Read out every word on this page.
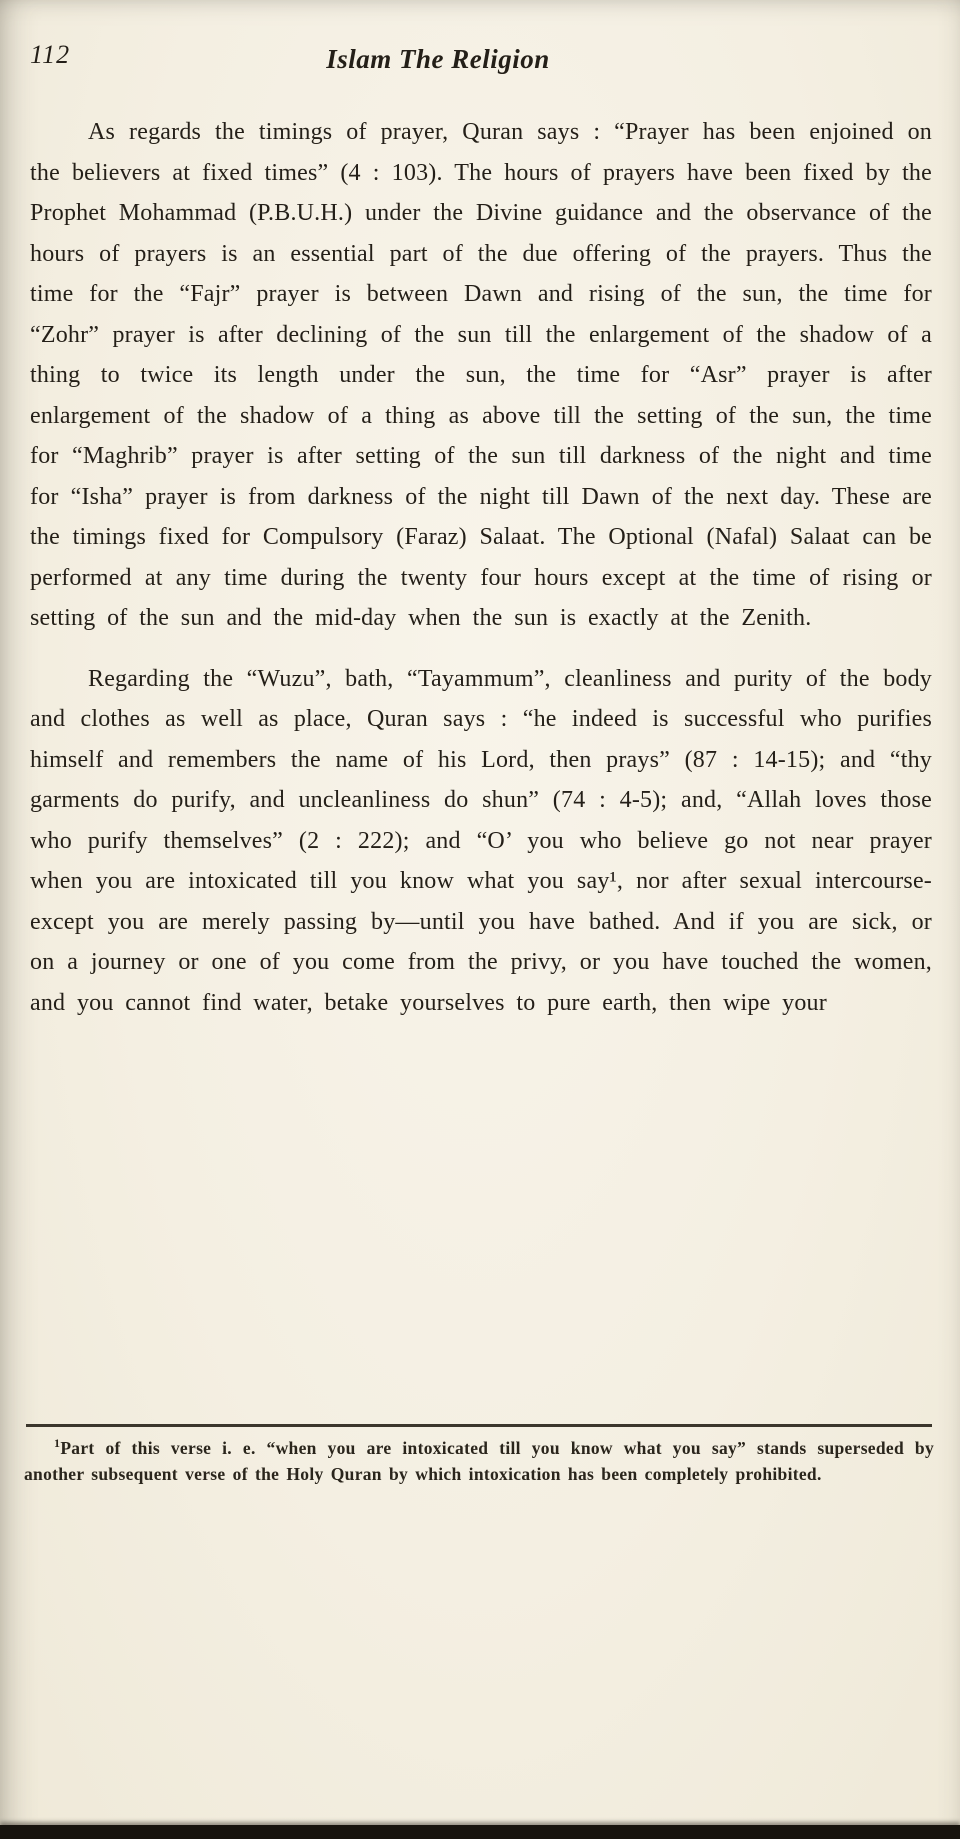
112	Islam The Religion

As regards the timings of prayer, Quran says : “Prayer has been enjoined on the believers at fixed times” (4 : 103). The hours of prayers have been fixed by the Prophet Mohammad (P.B.U.H.) under the Divine guidance and the observance of the hours of prayers is an essential part of the due offering of the prayers. Thus the time for the “Fajr” prayer is between Dawn and rising of the sun, the time for “Zohr” prayer is after declining of the sun till the enlargement of the shadow of a thing to twice its length under the sun, the time for “Asr” prayer is after enlargement of the shadow of a thing as above till the setting of the sun, the time for “Maghrib” prayer is after setting of the sun till darkness of the night and time for “Isha” prayer is from darkness of the night till Dawn of the next day. These are the timings fixed for Compulsory (Faraz) Salaat. The Optional (Nafal) Salaat can be performed at any time during the twenty four hours except at the time of rising or setting of the sun and the mid-day when the sun is exactly at the Zenith.

Regarding the “Wuzu”, bath, “Tayammum”, cleanliness and purity of the body and clothes as well as place, Quran says : “he indeed is successful who purifies himself and remembers the name of his Lord, then prays” (87 : 14-15); and “thy garments do purify, and uncleanliness do shun” (74 : 4-5); and, “Allah loves those who purify themselves” (2 : 222); and “O’ you who believe go not near prayer when you are intoxicated till you know what you say¹, nor after sexual intercourse-except you are merely passing by—until you have bathed. And if you are sick, or on a journey or one of you come from the privy, or you have touched the women, and you cannot find water, betake yourselves to pure earth, then wipe your

$^1$Part of this verse i. e. “when you are intoxicated till you know what you say” stands superseded by another subsequent verse of the Holy Quran by which intoxication has been completely prohibited.
